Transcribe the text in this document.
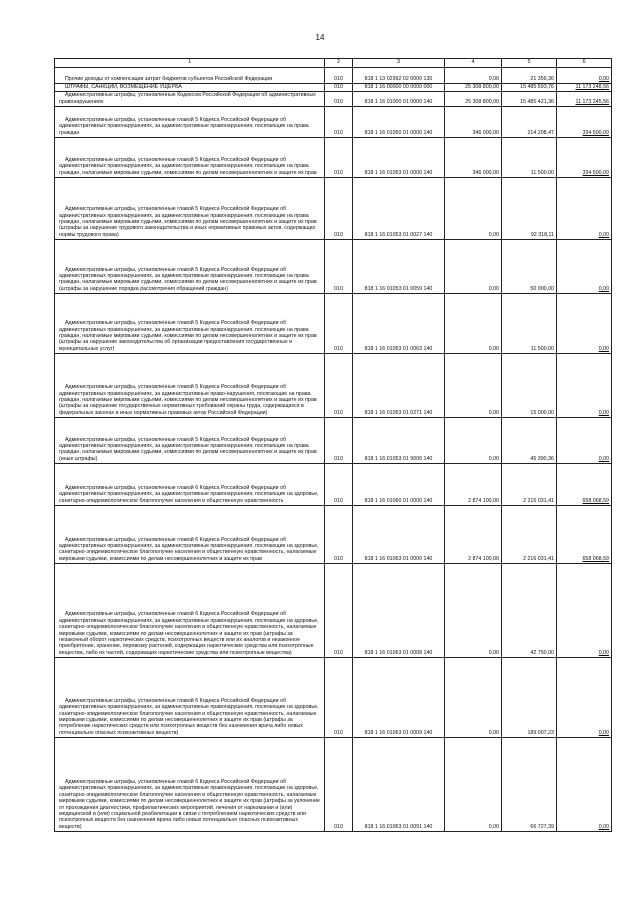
14
1	2	3	4	5	6

Прочие доходы от компенсации затрат бюджетов субъектов Российской Федерации	010	818 1 13 02992 02 0000 130	0,00	21 359,36	0,00

ШТРАФЫ, САНКЦИИ, ВОЗМЕЩЕНИЕ УЩЕРБА	010	818 1 16 00000 00 0000 000	25 308 800,00	15 485 593,76	11 173 248,56

Административные штрафы, установленные Кодексом Российской Федерации об административных правонарушениях	010	818 1 16 01000 01 0000 140	25 308 800,00	15 485 421,36	11 173 245,56

Административные штрафы, установленные главой 5 Кодекса Российской Федерации об административных правонарушениях, за административные правонарушения, посягающие на права граждан	010	818 1 16 01050 01 0000 140	346 000,00	214 208,47	334 500,00

Административные штрафы, установленные главой 5 Кодекса Российской Федерации об административных правонарушениях, за административные правонарушения, посягающие на права граждан, налагаемые мировыми судьями, комиссиями по делам несовершеннолетних и защите их прав	010	818 1 16 01053 01 0000 140	346 000,00	11 500,00	334 500,00

Административные штрафы, установленные главой 5 Кодекса Российской Федерации об административных правонарушениях, за административные правонарушения, посягающие на права граждан, налагаемые мировыми судьями, комиссиями по делам несовершеннолетних и защите их прав (штрафы за нарушение трудового законодательства и иных нормативных правовых актов, содержащих нормы трудового права)	010	818 1 16 01053 01 0027 140	0,00	92 318,11	0,00

Административные штрафы, установленные главой 5 Кодекса Российской Федерации об административных правонарушениях, за административные правонарушения, посягающие на права граждан, налагаемые мировыми судьями, комиссиями по делам несовершеннолетних и защите их прав (штрафы за нарушение порядка рассмотрения обращений граждан)	010	818 1 16 01053 01 0059 140	0,00	50 000,00	0,00

Административные штрафы, установленные главой 5 Кодекса Российской Федерации об административных правонарушениях, за административные правонарушения, посягающие на права граждан, налагаемые мировыми судьями, комиссиями по делам несовершеннолетних и защите их прав (штрафы за нарушение законодательства об организации предоставления государственных и муниципальных услуг)	010	818 1 16 01053 01 0063 140	0,00	11 500,00	0,00

Административные штрафы, установленные главой 5 Кодекса Российской Федерации об административных правонарушениях, за административные право-нарушения, посягающие на права граждан, налагаемые мировыми судьями, комиссиями по делам несовершеннолетних и защите их прав (штрафы за нарушение государственных нормативных требований охраны труда, содержащихся в федеральных законах и иных нормативных правовых актах Российской Федерации)	010	818 1 16 01053 01 0271 140	0,00	15 000,00	0,00

Административные штрафы, установленные главой 5 Кодекса Российской Федерации об административных правонарушениях, за административные правонарушения, посягающие на права граждан, налагаемые мировыми судьями, комиссиями по делам несовершеннолетних и защите их прав (иные штрафы)	010	818 1 16 01053 01 9000 140	0,00	45 390,36	0,00

Административные штрафы, установленные главой 6 Кодекса Российской Федерации об административных правонарушениях, за административные правонарушения, посягающие на здоровье, санитарно-эпидемиологическое благополучие населения и общественную нравственность	010	818 1 16 01060 01 0000 140	2 874 100,00	2 216 031,41	658 068,59

Административные штрафы, установленные главой 6 Кодекса Российской Федерации об административных правонарушениях, за административные правонарушения, посягающие на здоровье, санитарно-эпидемиологическое благополучие населения и общественную нравственность, налагаемые мировыми судьями, комиссиями по делам несовершеннолетних и защите их прав	010	818 1 16 01063 01 0000 140	2 874 100,00	2 216 031,41	658 068,59

Административные штрафы, установленные главой 6 Кодекса Российской Федерации об административных правонарушениях, за административные правонарушения, посягающие на здоровье, санитарно-эпидемиологическое благополучие населения и общественную нравственность, налагаемые мировыми судьями, комиссиями по делам несовершеннолетних и защите их прав (штрафы за незаконный оборот наркотических средств, психотропных веществ или их аналогов и незаконное приобретение, хранение, перевозку растений, содержащих наркотические средства или психотропные вещества, либо их частей, содержащих наркотические средства или психотропные вещества)	010	818 1 16 01063 01 0008 140	0,00	42 750,00	0,00

Административные штрафы, установленные главой 6 Кодекса Российской Федерации об административных правонарушениях, за административные правонарушения, посягающие на здоровье, санитарно-эпидемиологическое благополучие населения и общественную нравственность, налагаемые мировыми судьями, комиссиями по делам несовершеннолетних и защите их прав (штрафы за потребление наркотических средств или психотропных веществ без назначения врача либо новых потенциально опасных психоактивных веществ)	010	818 1 16 01063 01 0009 140	0,00	189 007,23	0,00

Административные штрафы, установленные главой 6 Кодекса Российской Федерации об административных правонарушениях, за административные правонарушения, посягающие на здоровье, санитарно-эпидемиологическое благополучие населения и общественную нравственность, налагаемые мировыми судьями, комиссиями по делам несовершеннолетних и защите их прав (штрафы за уклонение от прохождения диагностики, профилактических мероприятий, лечения от наркомании и (или) медицинской и (или) социальной реабилитации в связи с потреблением наркотических средств или психотропных веществ без назначения врача либо новых потенциально опасных психоактивных веществ)	010	818 1 16 01063 01 0091 140	0,00	66 727,39	0,00
